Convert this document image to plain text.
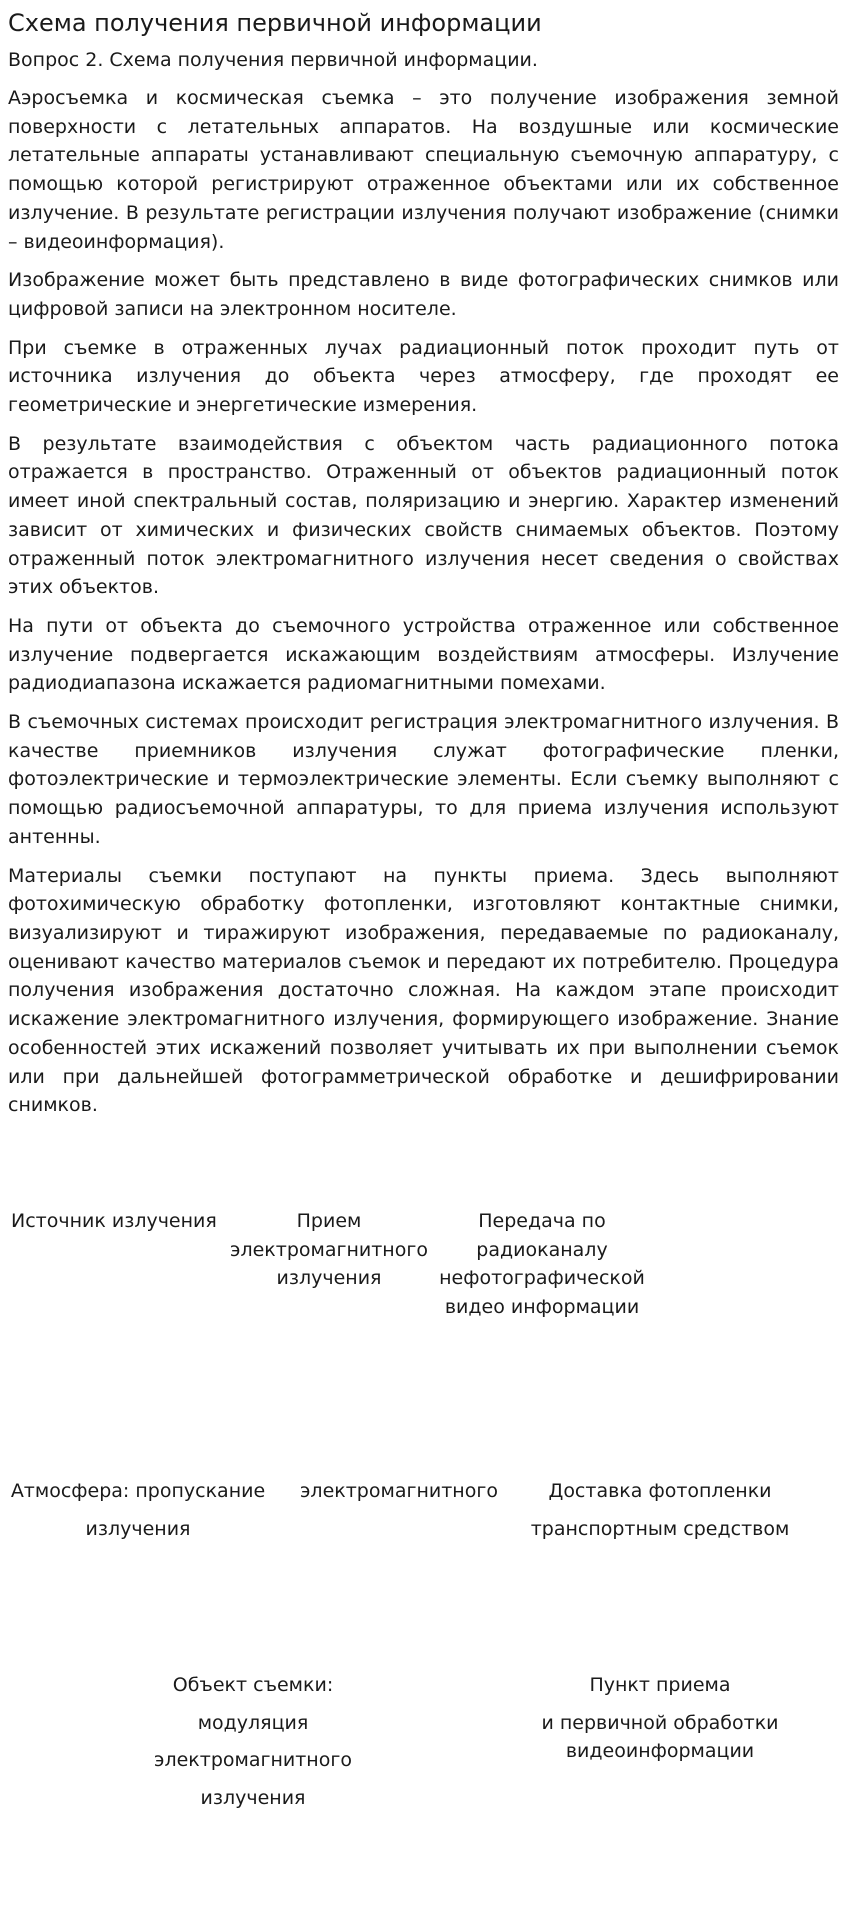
Схема получения первичной информации

Вопрос 2. Схема получения первичной информации.

Аэросъемка и космическая съемка – это получение изображения земной поверхности с летательных аппаратов. На воздушные или космические летательные аппараты устанавливают специальную съемочную аппаратуру, с помощью которой регистрируют отраженное объектами или их собственное излучение. В результате регистрации излучения получают изображение (снимки – видеоинформация).

Изображение может быть представлено в виде фотографических снимков или цифровой записи на электронном носителе.

При съемке в отраженных лучах радиационный поток проходит путь от источника излучения до объекта через атмосферу, где проходят ее геометрические и энергетические измерения.

В результате взаимодействия с объектом часть радиационного потока отражается в пространство. Отраженный от объектов радиационный поток имеет иной спектральный состав, поляризацию и энергию. Характер изменений зависит от химических и физических свойств снимаемых объектов. Поэтому отраженный поток электромагнитного излучения несет сведения о свойствах этих объектов.

На пути от объекта до съемочного устройства отраженное или собственное излучение подвергается искажающим воздействиям атмосферы. Излучение радиодиапазона искажается радиомагнитными помехами.

В съемочных системах происходит регистрация электромагнитного излучения. В качестве приемников излучения служат фотографические пленки, фотоэлектрические и термоэлектрические элементы. Если съемку выполняют с помощью радиосъемочной аппаратуры, то для приема излучения используют антенны.

Материалы съемки поступают на пункты приема. Здесь выполняют фотохимическую обработку фотопленки, изготовляют контактные снимки, визуализируют и тиражируют изображения, передаваемые по радиоканалу, оценивают качество материалов съемок и передают их потребителю. Процедура получения изображения достаточно сложная. На каждом этапе происходит искажение электромагнитного излучения, формирующего изображение. Знание особенностей этих искажений позволяет учитывать их при выполнении съемок или при дальнейшей фотограмметрической обработке и дешифрировании снимков.

Источник излучения	Прием
электромагнитного
излучения
Передача по
радиоканалу
нефотографической
видео информации
Атмосфера: пропускание
излучения
электромагнитного	Доставка фотопленки
транспортным средством
Объект съемки:
модуляция
электромагнитного
излучения
Пункт приема
и первичной обработки
видеоинформации
